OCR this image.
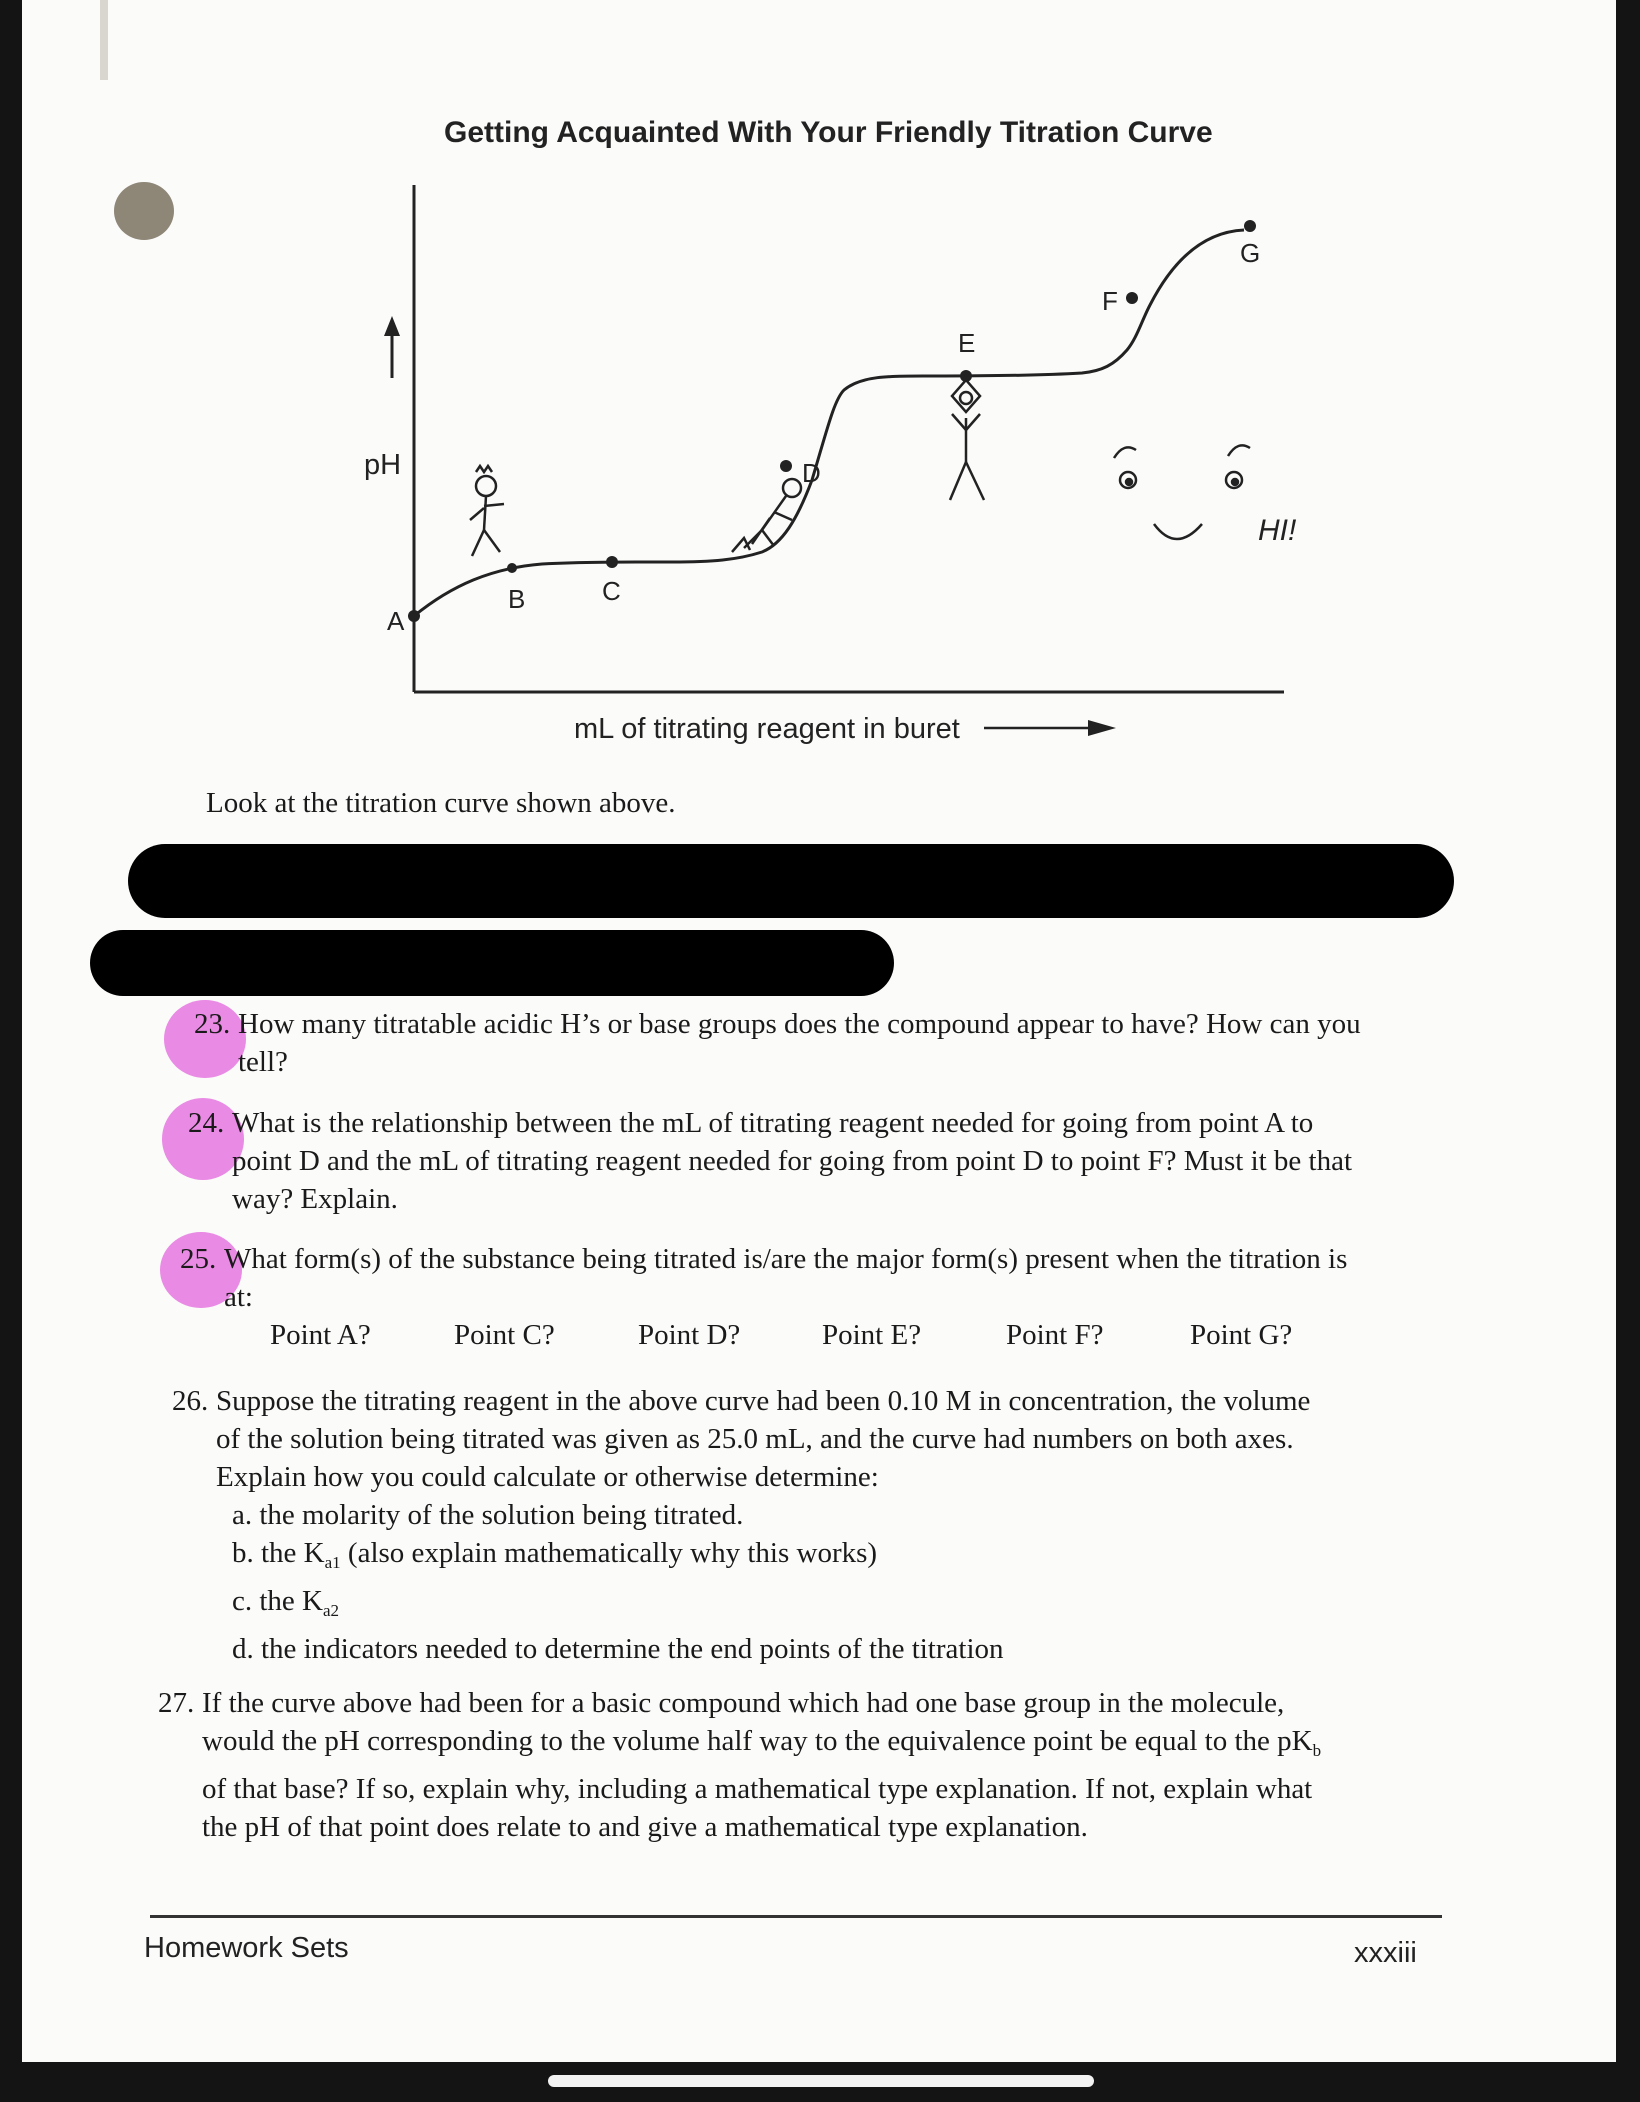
Getting Acquainted With Your Friendly Titration Curve
pH
mL of titrating reagent in buret
A
B	C
D
E
F
G
HI!
Look at the titration curve shown above.
23. How many titratable acidic H’s or base groups does the compound appear to have? How can you
tell?
24. What is the relationship between the mL of titrating reagent needed for going from point A to
point D and the mL of titrating reagent needed for going from point D to point F? Must it be that
way? Explain.
25. What form(s) of the substance being titrated is/are the major form(s) present when the titration is
at:
Point A?	Point C?	Point D?	Point E?	Point F?	Point G?
26. Suppose the titrating reagent in the above curve had been 0.10 M in concentration, the volume
of the solution being titrated was given as 25.0 mL, and the curve had numbers on both axes.
Explain how you could calculate or otherwise determine:
a. the molarity of the solution being titrated.
b. the $K_{a1}$ (also explain mathematically why this works)
c. the $K_{a2}$
d. the indicators needed to determine the end points of the titration
27. If the curve above had been for a basic compound which had one base group in the molecule,
would the pH corresponding to the volume half way to the equivalence point be equal to the $pK_b$
of that base? If so, explain why, including a mathematical type explanation. If not, explain what
the pH of that point does relate to and give a mathematical type explanation.
Homework Sets	xxxiii
